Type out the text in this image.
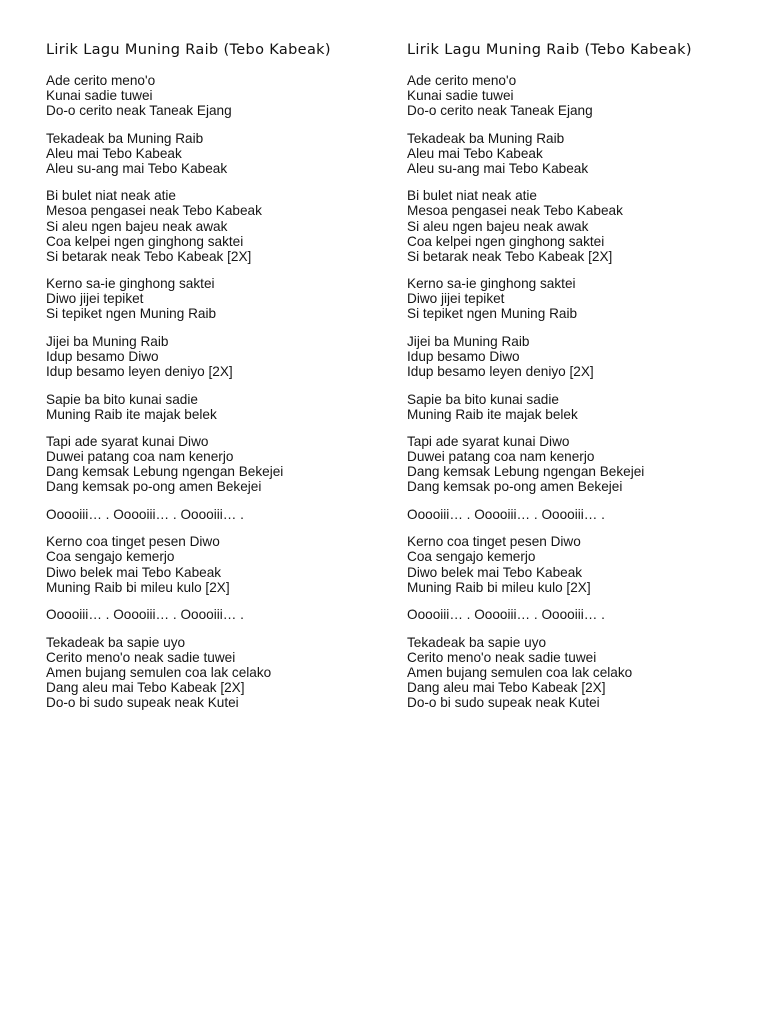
Lirik Lagu Muning Raib (Tebo Kabeak)
Ade cerito meno'o
Kunai sadie tuwei
Do-o cerito neak Taneak Ejang
Tekadeak ba Muning Raib
Aleu mai Tebo Kabeak
Aleu su-ang mai Tebo Kabeak
Bi bulet niat neak atie
Mesoa pengasei neak Tebo Kabeak
Si aleu ngen bajeu neak awak
Coa kelpei ngen ginghong saktei
Si betarak neak Tebo Kabeak [2X]
Kerno sa-ie ginghong saktei
Diwo jijei tepiket
Si tepiket ngen Muning Raib
Jijei ba Muning Raib
Idup besamo Diwo
Idup besamo leyen deniyo [2X]
Sapie ba bito kunai sadie
Muning Raib ite majak belek
Tapi ade syarat kunai Diwo
Duwei patang coa nam kenerjo
Dang kemsak Lebung ngengan Bekejei
Dang kemsak po-ong amen Bekejei
Ooooiii… . Ooooiii… . Ooooiii… .
Kerno coa tinget pesen Diwo
Coa sengajo kemerjo
Diwo belek mai Tebo Kabeak
Muning Raib bi mileu kulo [2X]
Ooooiii… . Ooooiii… . Ooooiii… .
Tekadeak ba sapie uyo
Cerito meno'o neak sadie tuwei
Amen bujang semulen coa lak celako
Dang aleu mai Tebo Kabeak [2X]
Do-o bi sudo supeak neak Kutei
Lirik Lagu Muning Raib (Tebo Kabeak)
Ade cerito meno'o
Kunai sadie tuwei
Do-o cerito neak Taneak Ejang
Tekadeak ba Muning Raib
Aleu mai Tebo Kabeak
Aleu su-ang mai Tebo Kabeak
Bi bulet niat neak atie
Mesoa pengasei neak Tebo Kabeak
Si aleu ngen bajeu neak awak
Coa kelpei ngen ginghong saktei
Si betarak neak Tebo Kabeak [2X]
Kerno sa-ie ginghong saktei
Diwo jijei tepiket
Si tepiket ngen Muning Raib
Jijei ba Muning Raib
Idup besamo Diwo
Idup besamo leyen deniyo [2X]
Sapie ba bito kunai sadie
Muning Raib ite majak belek
Tapi ade syarat kunai Diwo
Duwei patang coa nam kenerjo
Dang kemsak Lebung ngengan Bekejei
Dang kemsak po-ong amen Bekejei
Ooooiii… . Ooooiii… . Ooooiii… .
Kerno coa tinget pesen Diwo
Coa sengajo kemerjo
Diwo belek mai Tebo Kabeak
Muning Raib bi mileu kulo [2X]
Ooooiii… . Ooooiii… . Ooooiii… .
Tekadeak ba sapie uyo
Cerito meno'o neak sadie tuwei
Amen bujang semulen coa lak celako
Dang aleu mai Tebo Kabeak [2X]
Do-o bi sudo supeak neak Kutei
